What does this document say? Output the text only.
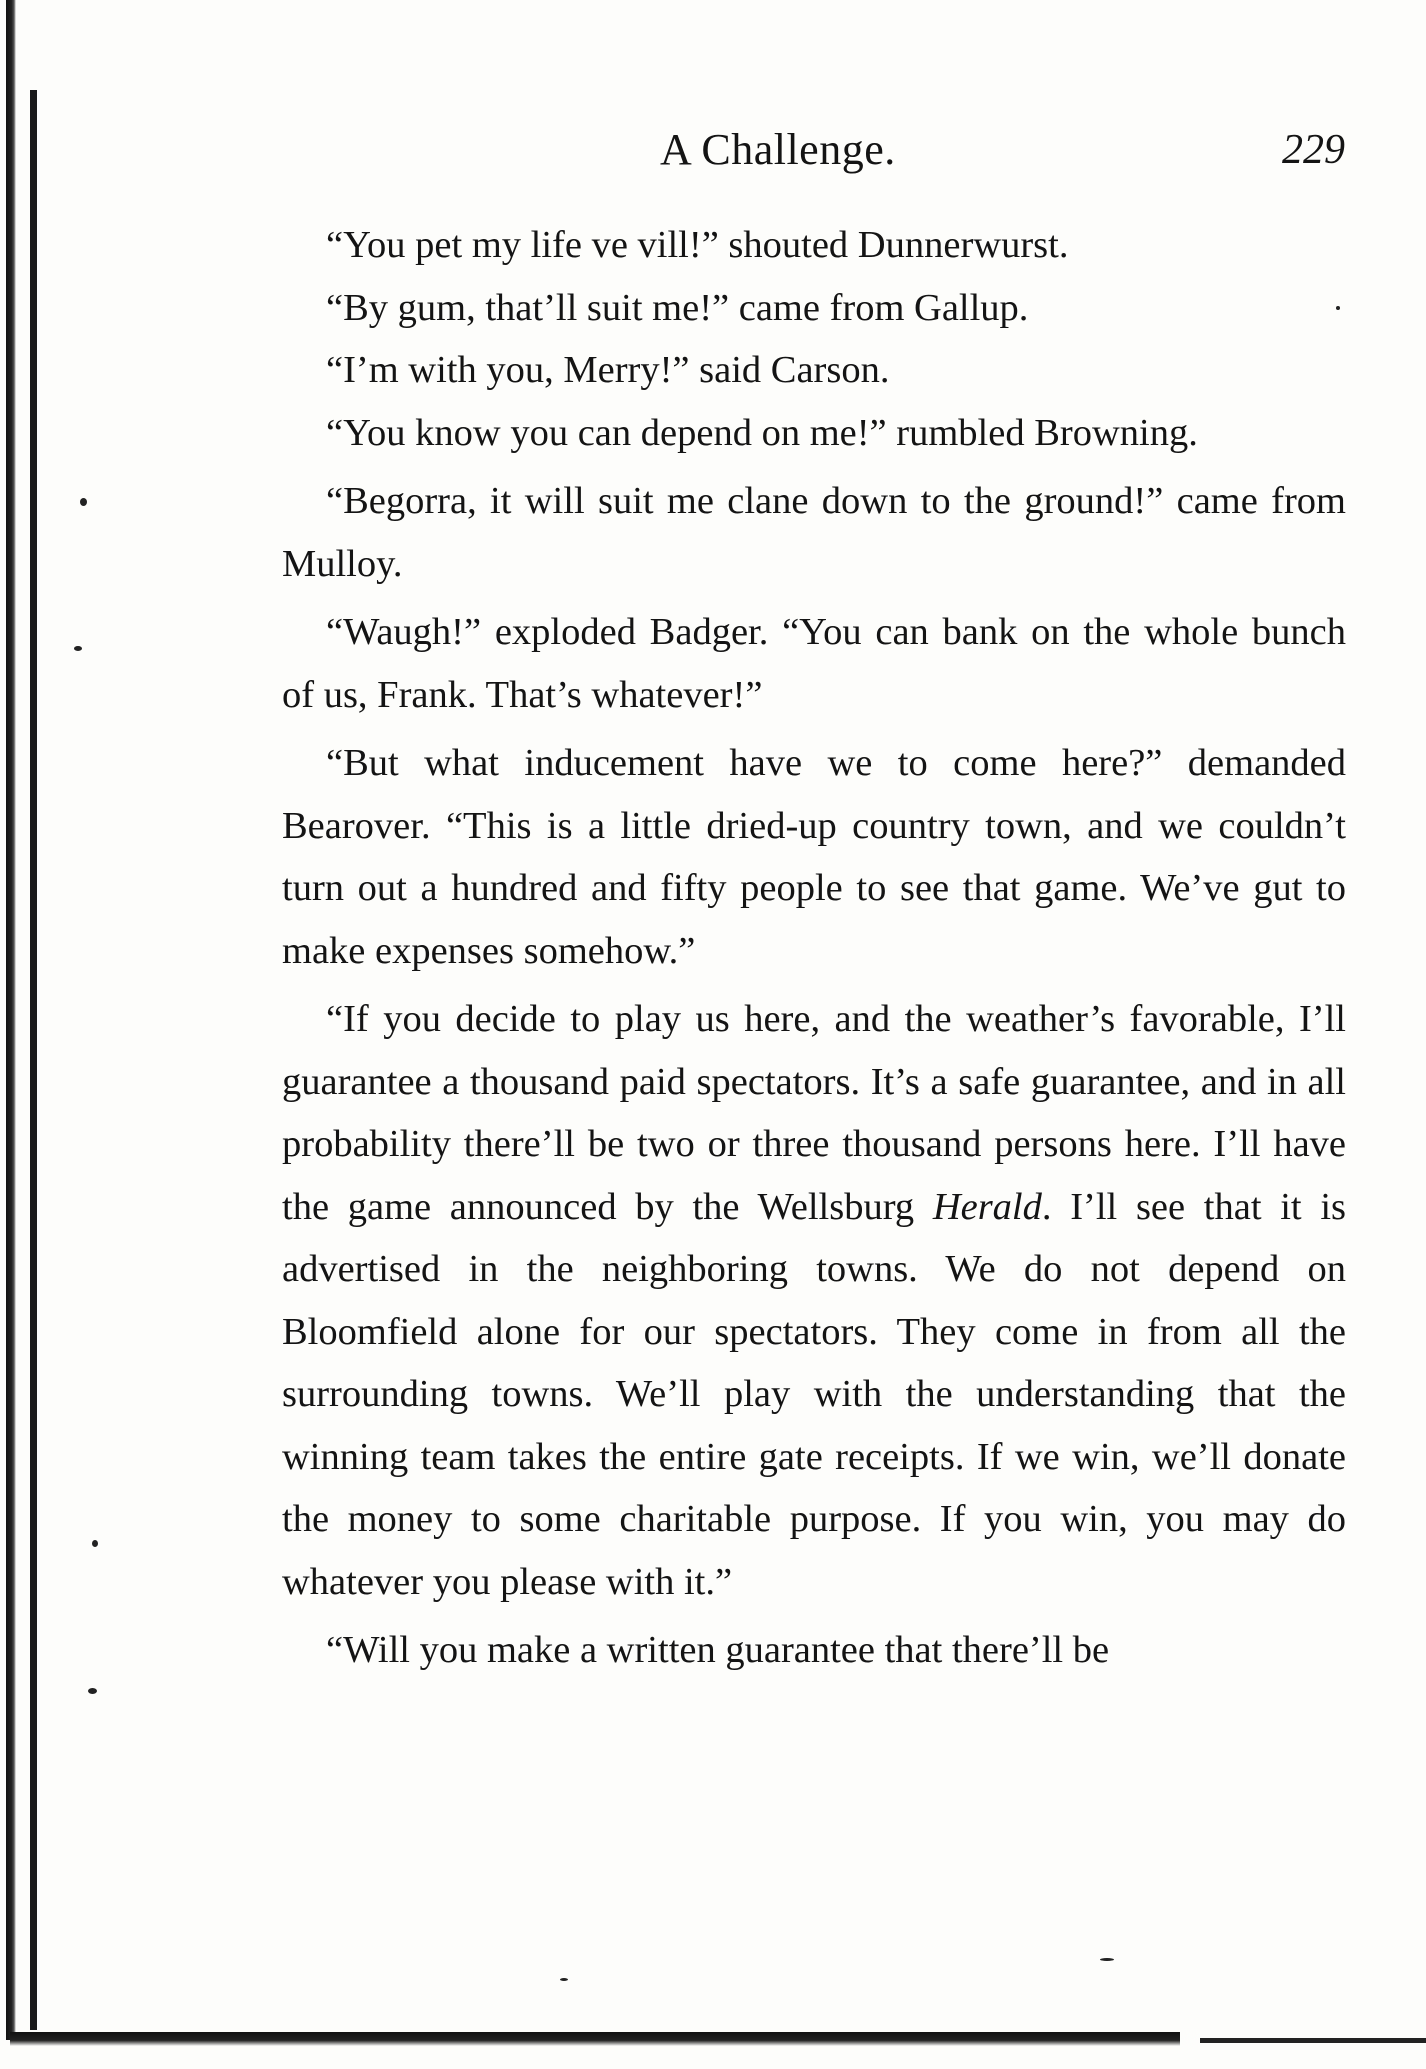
A Challenge.	229

“You pet my life ve vill!” shouted Dunnerwurst.

“By gum, that’ll suit me!” came from Gallup.

“I’m with you, Merry!” said Carson.

“You know you can depend on me!” rumbled Browning.

“Begorra, it will suit me clane down to the ground!” came from Mulloy.

“Waugh!” exploded Badger. “You can bank on the whole bunch of us, Frank. That’s whatever!”

“But what inducement have we to come here?” demanded Bearover. “This is a little dried-up country town, and we couldn’t turn out a hundred and fifty people to see that game. We’ve gut to make expenses somehow.”

“If you decide to play us here, and the weather’s favorable, I’ll guarantee a thousand paid spectators. It’s a safe guarantee, and in all probability there’ll be two or three thousand persons here. I’ll have the game announced by the Wellsburg Herald. I’ll see that it is advertised in the neighboring towns. We do not depend on Bloomfield alone for our spectators. They come in from all the surrounding towns. We’ll play with the understanding that the winning team takes the entire gate receipts. If we win, we’ll donate the money to some charitable purpose. If you win, you may do whatever you please with it.”

“Will you make a written guarantee that there’ll be
